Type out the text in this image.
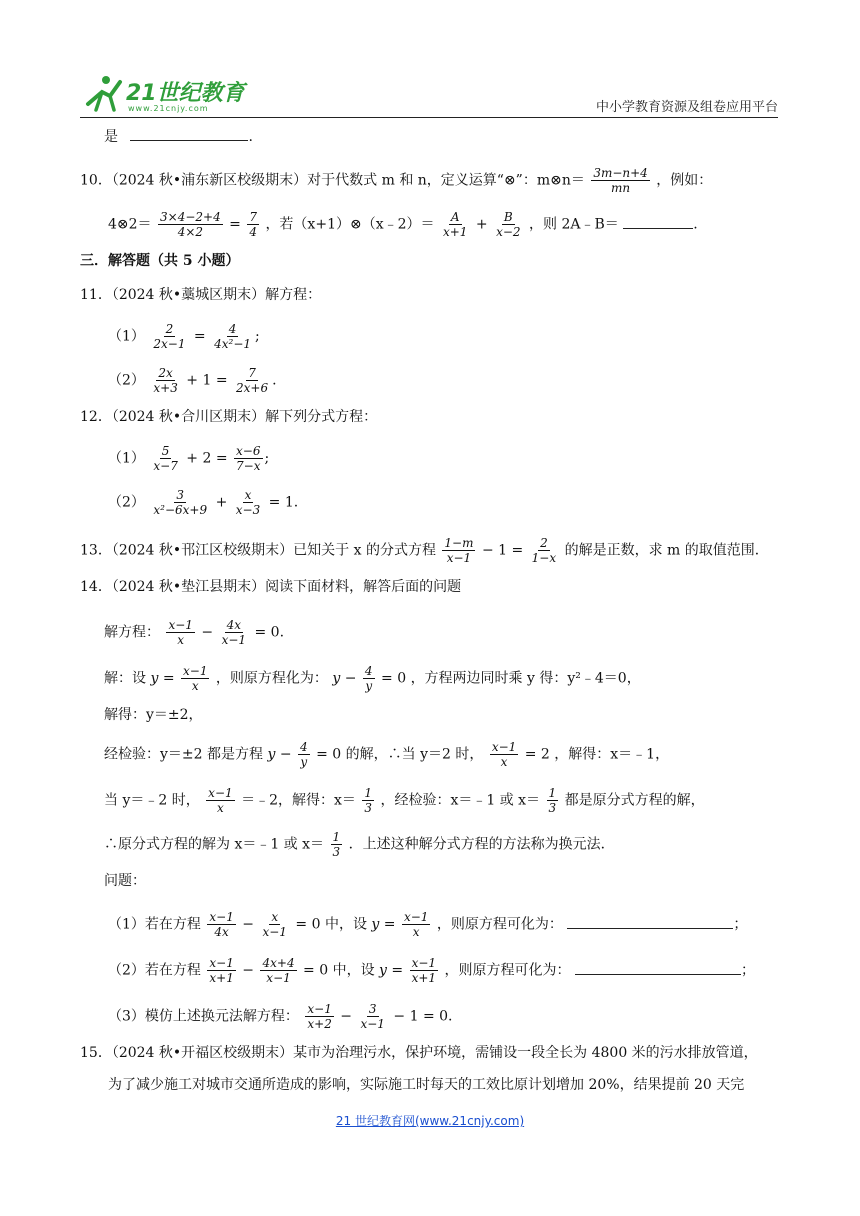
21世纪教育
www.21cnjy.com	中小学教育资源及组卷应用平台
是	.
10．（2024 秋•浦东新区校级期末）对于代数式 m 和 n，定义运算“⊗”：m⊗n＝ $\frac{3m-n+4}{mn}$ ，例如：
4⊗2＝ $\frac{3\times 4-2+4}{4\times 2} = \frac{7}{4}$ ，若（x+1）⊗（x﹣2）＝ $\frac{A}{x+1} + \frac{B}{x-2}$ ，则 2A﹣B＝	.
三．解答题（共 5 小题）
11．（2024 秋•藁城区期末）解方程：
$(1) \frac{2}{2x-1} = \frac{4}{\text{4x²−1}}$ ;
$(2) \frac{2x}{x+3} + 1 = \frac{7}{2x+6}$ .
12．（2024 秋•合川区期末）解下列分式方程：
$(1) \frac{5}{x-7} + 2 = \frac{x-6}{7-x}$ ;
$(2) \frac{3}{\text{x²−6x+9}} + \frac{x}{x-3} = 1$.
13．（2024 秋•邗江区校级期末）已知关于 x 的分式方程 $\frac{1-m}{x-1} - 1 = \frac{2}{1-x}$ 的解是正数，求 m 的取值范围．
14．（2024 秋•垫江县期末）阅读下面材料，解答后面的问题
解方程： $\frac{x-1}{x} - \frac{4x}{x-1} = 0$.
解：设 $y = \frac{x-1}{x}$ ，则原方程化为： $y - \frac{4}{y} = 0$ ，方程两边同时乘 y 得：y²﹣4＝0，
解得：y＝±2，
经检验：y＝±2 都是方程 $y - \frac{4}{y} = 0$ 的解，∴当 y＝2 时， $\frac{x-1}{x} = 2$ ，解得：x＝﹣1，
当 y＝﹣2 时， $\frac{x-1}{x}$ ＝﹣2，解得：$x= \frac{1}{3}$ ，经检验：x＝﹣1 或 $x= \frac{1}{3}$ 都是原分式方程的解，
∴原分式方程的解为 x＝﹣1 或 $x= \frac{1}{3}$ ．上述这种解分式方程的方法称为换元法．
问题：
（1）若在方程 $\frac{x-1}{4x} - \frac{x}{x-1} = 0$ 中，设 $y = \frac{x-1}{x}$ ，则原方程可化为：	；
（2）若在方程 $\frac{x-1}{x+1} - \frac{4x+4}{x-1} = 0$ 中，设 $y = \frac{x-1}{x+1}$ ，则原方程可化为：	；
（3）模仿上述换元法解方程： $\frac{x-1}{x+2} - \frac{3}{x-1} - 1 = 0$.
15．（2024 秋•开福区校级期末）某市为治理污水，保护环境，需铺设一段全长为 4800 米的污水排放管道，
为了减少施工对城市交通所造成的影响，实际施工时每天的工效比原计划增加 20%，结果提前 20 天完
21 世纪教育网(www.21cnjy.com)
